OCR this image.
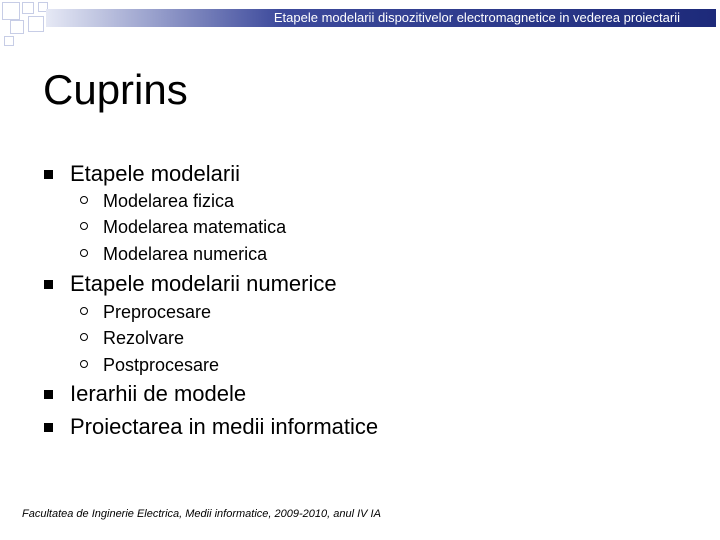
Etapele modelarii dispozitivelor electromagnetice in vederea proiectarii
Cuprins
Etapele modelarii
Modelarea fizica
Modelarea matematica
Modelarea numerica
Etapele modelarii numerice
Preprocesare
Rezolvare
Postprocesare
Ierarhii de modele
Proiectarea in medii informatice
Facultatea de Inginerie Electrica, Medii informatice, 2009-2010, anul IV IA
